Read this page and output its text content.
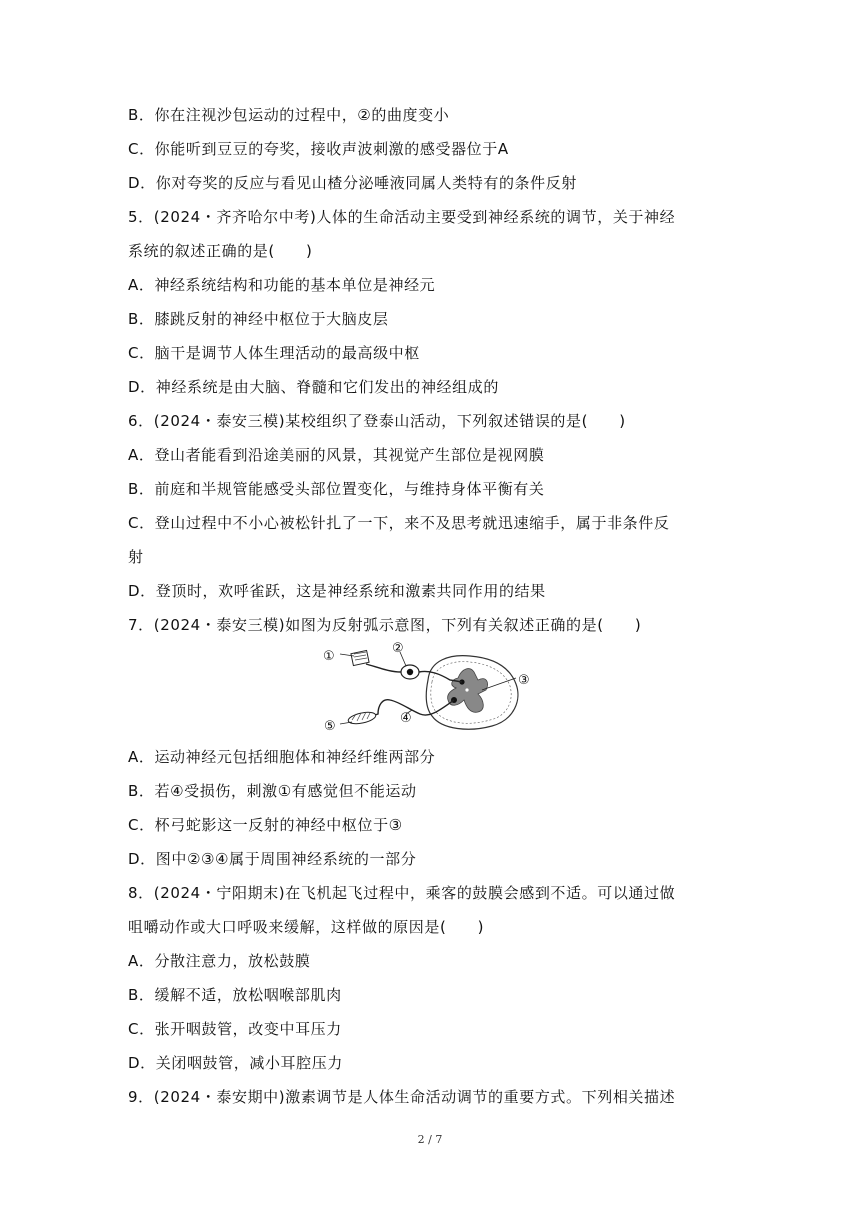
B．你在注视沙包运动的过程中，②的曲度变小
C．你能听到豆豆的夸奖，接收声波刺激的感受器位于A
D．你对夸奖的反应与看见山楂分泌唾液同属人类特有的条件反射
5．(2024・齐齐哈尔中考)人体的生命活动主要受到神经系统的调节，关于神经
系统的叙述正确的是(　　)
A．神经系统结构和功能的基本单位是神经元
B．膝跳反射的神经中枢位于大脑皮层
C．脑干是调节人体生理活动的最高级中枢
D．神经系统是由大脑、脊髓和它们发出的神经组成的
6．(2024・泰安三模)某校组织了登泰山活动，下列叙述错误的是(　　)
A．登山者能看到沿途美丽的风景，其视觉产生部位是视网膜
B．前庭和半规管能感受头部位置变化，与维持身体平衡有关
C．登山过程中不小心被松针扎了一下，来不及思考就迅速缩手，属于非条件反
射
D．登顶时，欢呼雀跃，这是神经系统和激素共同作用的结果
7．(2024・泰安三模)如图为反射弧示意图，下列有关叙述正确的是(　　)
①
②
③
④
⑤
A．运动神经元包括细胞体和神经纤维两部分
B．若④受损伤，刺激①有感觉但不能运动
C．杯弓蛇影这一反射的神经中枢位于③
D．图中②③④属于周围神经系统的一部分
8．(2024・宁阳期末)在飞机起飞过程中，乘客的鼓膜会感到不适。可以通过做
咀嚼动作或大口呼吸来缓解，这样做的原因是(　　)
A．分散注意力，放松鼓膜
B．缓解不适，放松咽喉部肌肉
C．张开咽鼓管，改变中耳压力
D．关闭咽鼓管，减小耳腔压力
9．(2024・泰安期中)激素调节是人体生命活动调节的重要方式。下列相关描述
2 / 7
